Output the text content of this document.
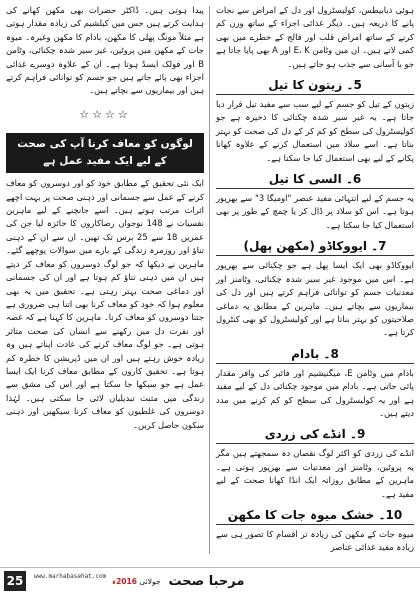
ہوئی ذیابیطس، کولیسٹرول اور دل کے امراض سے نجات پانے کا ذریعہ ہیں۔ دیگر غذائی اجزاء کے ساتھ وزن کم کرنے کے ساتھ امراض قلب اور فالج کے خطرے میں بھی کمی لاتے ہیں۔ ان میں وٹامن E، K اور A بھی پایا جاتا ہے جو با آسانی سے جذب ہو جاتے ہیں۔

5۔ زیتون کا تیل

زیتون کے تیل کو جسم کے لیے سب سے مفید تیل قرار دیا جاتا ہے۔ یہ غیر سیر شدہ چکنائی کا ذخیرہ ہے جو کولیسٹرول کی سطح کو کم کر کے دل کی صحت کو بہتر بناتا ہے۔ اسے سلاد میں استعمال کرنے کے علاوہ کھانا پکانے کے لیے بھی استعمال کیا جا سکتا ہے۔

6۔ السی کا تیل

یہ جسم کے لیے انتہائی مفید عنصر "اومیگا 3" سے بھرپور ہوتا ہے۔ اس کو سلاد پر ڈال کر یا چمچ کے طور پر بھی استعمال کیا جا سکتا ہے۔

7۔ ایووکاڈو (مکھن پھل)

ایووکاڈو بھی ایک ایسا پھل ہے جو چکنائی سے بھرپور ہے۔ اس میں موجود غیر سیر شدہ چکنائی، وٹامنز اور معدنیات جسم کو توانائی فراہم کرتے ہیں اور دل کی بیماریوں سے بچاتے ہیں۔ ماہرین کے مطابق یہ دماغی صلاحیتوں کو بہتر بناتا ہے اور کولیسٹرول کو بھی کنٹرول کرتا ہے۔

8۔ بادام

بادام میں وٹامن E، میگنیشیم اور فائبر کی وافر مقدار پائی جاتی ہے۔ بادام میں موجود چکنائی دل کے لیے مفید ہے اور یہ کولیسٹرول کی سطح کو کم کرنے میں مدد دیتے ہیں۔

9۔ انڈے کی زردی

انڈے کی زردی کو اکثر لوگ نقصان دہ سمجھتے ہیں مگر یہ پروٹین، وٹامنز اور معدنیات سے بھرپور ہوتی ہے۔ ماہرین کے مطابق روزانہ ایک انڈا کھانا صحت کے لیے مفید ہے۔

10۔ خشک میوہ جات کا مکھن

میوہ جات کے مکھن کی زیادہ تر اقسام کا تصور ہی سے زیادہ مفید غذائی عناصر

پیدا ہوتی ہیں۔ ڈاکٹر حضرات بھی مکھن کھانے کی ہدایت کرتے ہیں جس میں کیلشیم کی زیادہ مقدار ہوتی ہے مثلاً مونگ پھلی کا مکھن، بادام کا مکھن وغیرہ۔ میوہ جات کے مکھن میں پروٹین، غیر سیر شدہ چکنائی، وٹامن B اور فولک ایسڈ ہوتا ہے۔ ان کے علاوہ دوسرے غذائی اجزاء بھی پائے جاتے ہیں جو جسم کو توانائی فراہم کرتے ہیں اور بیماریوں سے بچاتے ہیں۔

☆☆☆☆
لوگوں کو معاف کرنا آپ کی صحت کے لیے ایک مفید عمل ہے

ایک نئی تحقیق کے مطابق خود کو اور دوسروں کو معاف کرنے کے عمل سے جسمانی اور ذہنی صحت پر بہت اچھے اثرات مرتب ہوتے ہیں۔ اسے جانچنے کے لیے ماہرین نفسیات نے 148 نوجوان رضاکاروں کا جائزہ لیا جن کی عمریں 18 سے 25 برس تک تھیں۔ ان سے ان کے ذہنی تناؤ اور روزمرہ زندگی کے بارے میں سوالات پوچھے گئے۔ ماہرین نے دیکھا کہ جو لوگ دوسروں کو معاف کر دیتے ہیں ان میں ذہنی تناؤ کم ہوتا ہے اور ان کی جسمانی اور دماغی صحت بہتر رہتی ہے۔ تحقیق میں یہ بھی معلوم ہوا کہ خود کو معاف کرنا بھی اتنا ہی ضروری ہے جتنا دوسروں کو معاف کرنا۔ ماہرین کا کہنا ہے کہ غصہ اور نفرت دل میں رکھنے سے انسان کی صحت متاثر ہوتی ہے۔ جو لوگ معاف کرنے کی عادت اپناتے ہیں وہ زیادہ خوش رہتے ہیں اور ان میں ڈپریشن کا خطرہ کم ہوتا ہے۔ تحقیق کاروں کے مطابق معاف کرنا ایک ایسا عمل ہے جو سیکھا جا سکتا ہے اور اس کی مشق سے زندگی میں مثبت تبدیلیاں لائی جا سکتی ہیں۔ لہٰذا دوسروں کی غلطیوں کو معاف کرنا سیکھیں اور ذہنی سکون حاصل کریں۔

25	www.marhabasehat.com	مرحبا صحت
جولائی 2016ء
